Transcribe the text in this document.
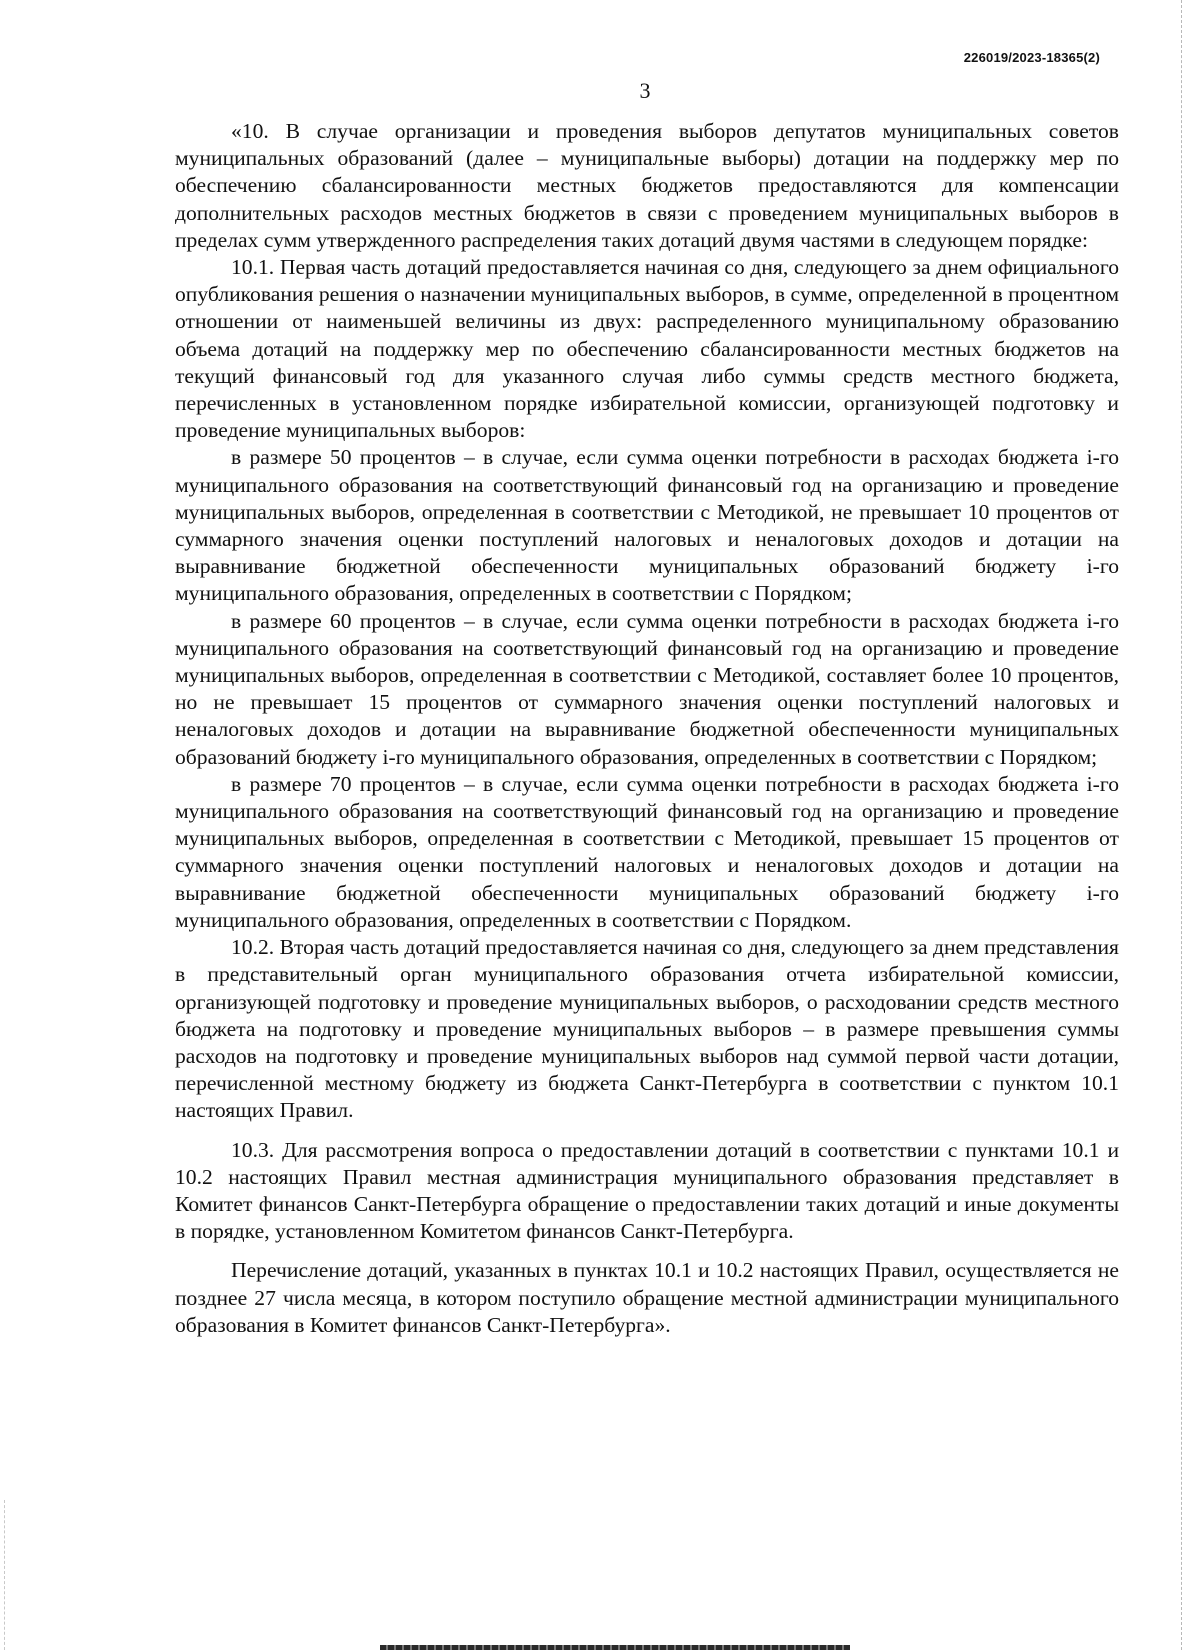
226019/2023-18365(2)
3

«10. В случае организации и проведения выборов депутатов муниципальных советов муниципальных образований (далее – муниципальные выборы) дотации на поддержку мер по обеспечению сбалансированности местных бюджетов предоставляются для компенсации дополнительных расходов местных бюджетов в связи с проведением муниципальных выборов в пределах сумм утвержденного распределения таких дотаций двумя частями в следующем порядке:

10.1. Первая часть дотаций предоставляется начиная со дня, следующего за днем официального опубликования решения о назначении муниципальных выборов, в сумме, определенной в процентном отношении от наименьшей величины из двух: распределенного муниципальному образованию объема дотаций на поддержку мер по обеспечению сбалансированности местных бюджетов на текущий финансовый год для указанного случая либо суммы средств местного бюджета, перечисленных в установленном порядке избирательной комиссии, организующей подготовку и проведение муниципальных выборов:

в размере 50 процентов – в случае, если сумма оценки потребности в расходах бюджета i-го муниципального образования на соответствующий финансовый год на организацию и проведение муниципальных выборов, определенная в соответствии с Методикой, не превышает 10 процентов от суммарного значения оценки поступлений налоговых и неналоговых доходов и дотации на выравнивание бюджетной обеспеченности муниципальных образований бюджету i-го муниципального образования, определенных в соответствии с Порядком;

в размере 60 процентов – в случае, если сумма оценки потребности в расходах бюджета i-го муниципального образования на соответствующий финансовый год на организацию и проведение муниципальных выборов, определенная в соответствии с Методикой, составляет более 10 процентов, но не превышает 15 процентов от суммарного значения оценки поступлений налоговых и неналоговых доходов и дотации на выравнивание бюджетной обеспеченности муниципальных образований бюджету i-го муниципального образования, определенных в соответствии с Порядком;

в размере 70 процентов – в случае, если сумма оценки потребности в расходах бюджета i-го муниципального образования на соответствующий финансовый год на организацию и проведение муниципальных выборов, определенная в соответствии с Методикой, превышает 15 процентов от суммарного значения оценки поступлений налоговых и неналоговых доходов и дотации на выравнивание бюджетной обеспеченности муниципальных образований бюджету i-го муниципального образования, определенных в соответствии с Порядком.

10.2. Вторая часть дотаций предоставляется начиная со дня, следующего за днем представления в представительный орган муниципального образования отчета избирательной комиссии, организующей подготовку и проведение муниципальных выборов, о расходовании средств местного бюджета на подготовку и проведение муниципальных выборов – в размере превышения суммы расходов на подготовку и проведение муниципальных выборов над суммой первой части дотации, перечисленной местному бюджету из бюджета Санкт-Петербурга в соответствии с пунктом 10.1 настоящих Правил.

10.3. Для рассмотрения вопроса о предоставлении дотаций в соответствии с пунктами 10.1 и 10.2 настоящих Правил местная администрация муниципального образования представляет в Комитет финансов Санкт-Петербурга обращение о предоставлении таких дотаций и иные документы в порядке, установленном Комитетом финансов Санкт-Петербурга.

Перечисление дотаций, указанных в пунктах 10.1 и 10.2 настоящих Правил, осуществляется не позднее 27 числа месяца, в котором поступило обращение местной администрации муниципального образования в Комитет финансов Санкт-Петербурга».
